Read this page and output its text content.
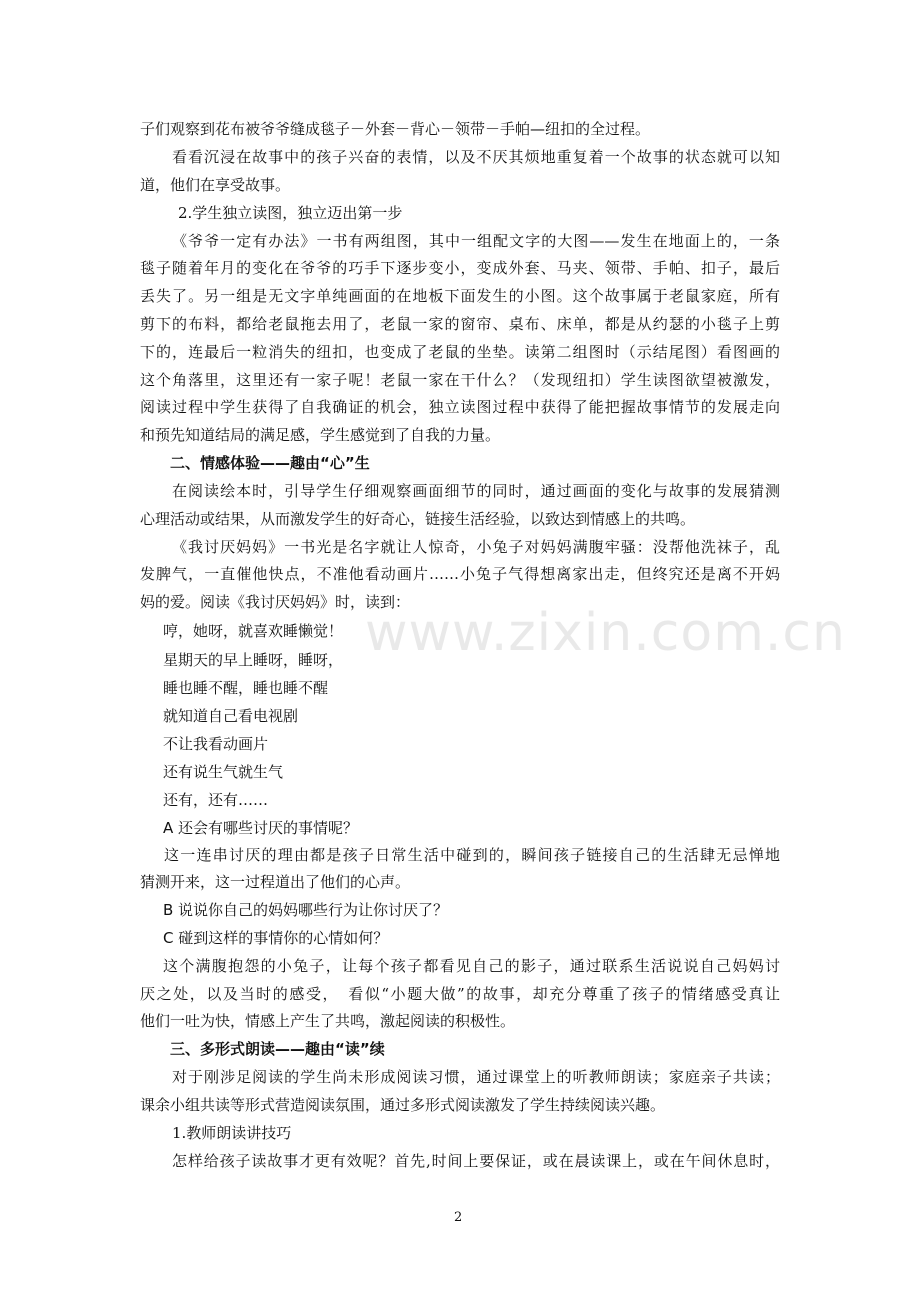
www.zixin.com.cn
子们观察到花布被爷爷缝成毯子－外套－背心－领带－手帕—纽扣的全过程。
看看沉浸在故事中的孩子兴奋的表情，以及不厌其烦地重复着一个故事的状态就可以知
道，他们在享受故事。
2.学生独立读图，独立迈出第一步
《爷爷一定有办法》一书有两组图，其中一组配文字的大图——发生在地面上的，一条
毯子随着年月的变化在爷爷的巧手下逐步变小，变成外套、马夹、领带、手帕、扣子，最后
丢失了。另一组是无文字单纯画面的在地板下面发生的小图。这个故事属于老鼠家庭，所有
剪下的布料，都给老鼠拖去用了，老鼠一家的窗帘、桌布、床单，都是从约瑟的小毯子上剪
下的，连最后一粒消失的纽扣，也变成了老鼠的坐垫。读第二组图时（示结尾图）看图画的
这个角落里，这里还有一家子呢！老鼠一家在干什么？（发现纽扣）学生读图欲望被激发，
阅读过程中学生获得了自我确证的机会，独立读图过程中获得了能把握故事情节的发展走向
和预先知道结局的满足感，学生感觉到了自我的力量。
二、情感体验——趣由“心”生
在阅读绘本时，引导学生仔细观察画面细节的同时，通过画面的变化与故事的发展猜测
心理活动或结果，从而激发学生的好奇心，链接生活经验，以致达到情感上的共鸣。
《我讨厌妈妈》一书光是名字就让人惊奇，小兔子对妈妈满腹牢骚：没帮他洗袜子，乱
发脾气，一直催他快点，不准他看动画片……小兔子气得想离家出走，但终究还是离不开妈
妈的爱。阅读《我讨厌妈妈》时，读到：
哼，她呀，就喜欢睡懒觉！
星期天的早上睡呀，睡呀，
睡也睡不醒，睡也睡不醒
就知道自己看电视剧
不让我看动画片
还有说生气就生气
还有，还有……
A 还会有哪些讨厌的事情呢？
这一连串讨厌的理由都是孩子日常生活中碰到的，瞬间孩子链接自己的生活肆无忌惮地
猜测开来，这一过程道出了他们的心声。
B 说说你自己的妈妈哪些行为让你讨厌了？
C 碰到这样的事情你的心情如何？
这个满腹抱怨的小兔子，让每个孩子都看见自己的影子，通过联系生活说说自己妈妈讨
厌之处，以及当时的感受，　看似“小题大做”的故事，却充分尊重了孩子的情绪感受真让
他们一吐为快，情感上产生了共鸣，激起阅读的积极性。
三、多形式朗读——趣由“读”续
对于刚涉足阅读的学生尚未形成阅读习惯，通过课堂上的听教师朗读；家庭亲子共读；
课余小组共读等形式营造阅读氛围，通过多形式阅读激发了学生持续阅读兴趣。
1.教师朗读讲技巧
怎样给孩子读故事才更有效呢？首先,时间上要保证，或在晨读课上，或在午间休息时，
2
